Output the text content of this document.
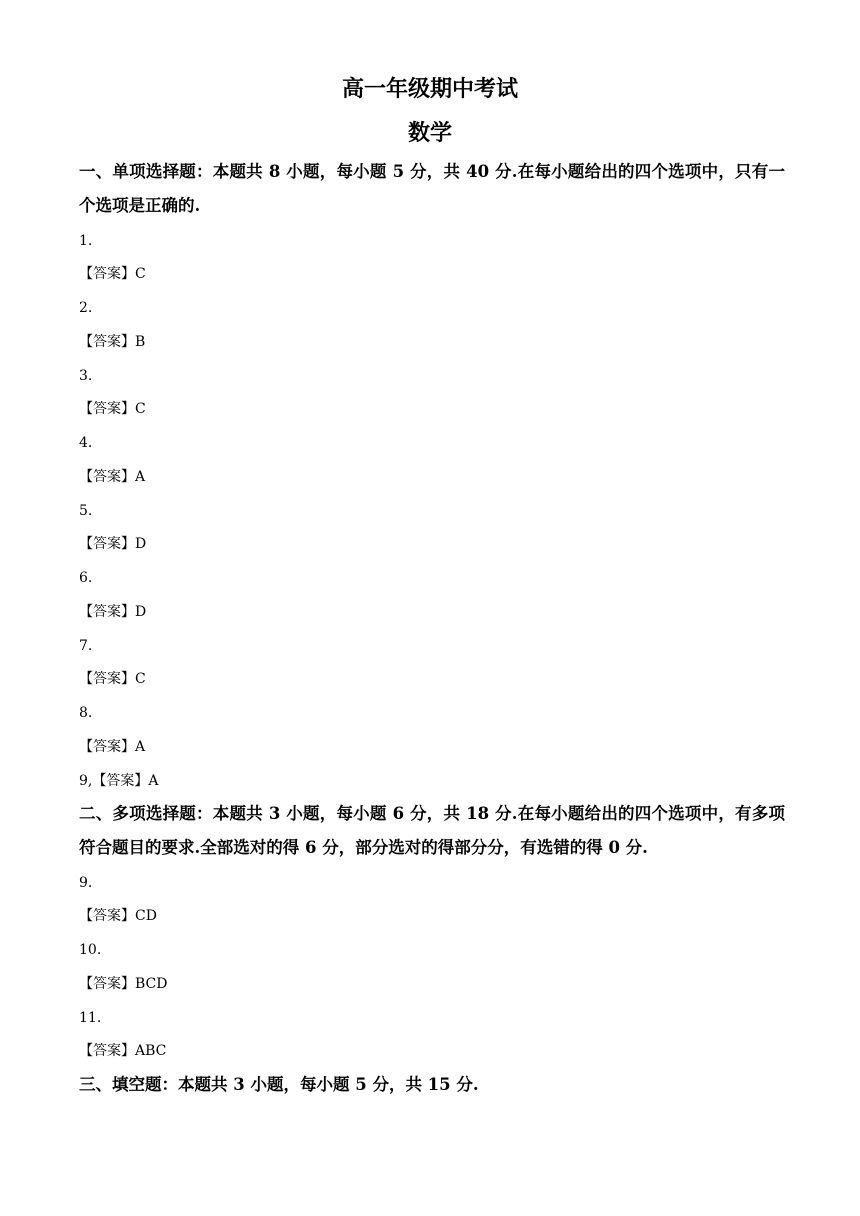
高一年级期中考试
数学
一、单项选择题：本题共 8 小题，每小题 5 分，共 40 分.在每小题给出的四个选项中，只有一个选项是正确的.
1.
【答案】C
2.
【答案】B
3.
【答案】C
4.
【答案】A
5.
【答案】D
6.
【答案】D
7.
【答案】C
8.
【答案】A
9,【答案】A
二、多项选择题：本题共 3 小题，每小题 6 分，共 18 分.在每小题给出的四个选项中，有多项符合题目的要求.全部选对的得 6 分，部分选对的得部分分，有选错的得 0 分.
9.
【答案】CD
10.
【答案】BCD
11.
【答案】ABC
三、填空题：本题共 3 小题，每小题 5 分，共 15 分.
